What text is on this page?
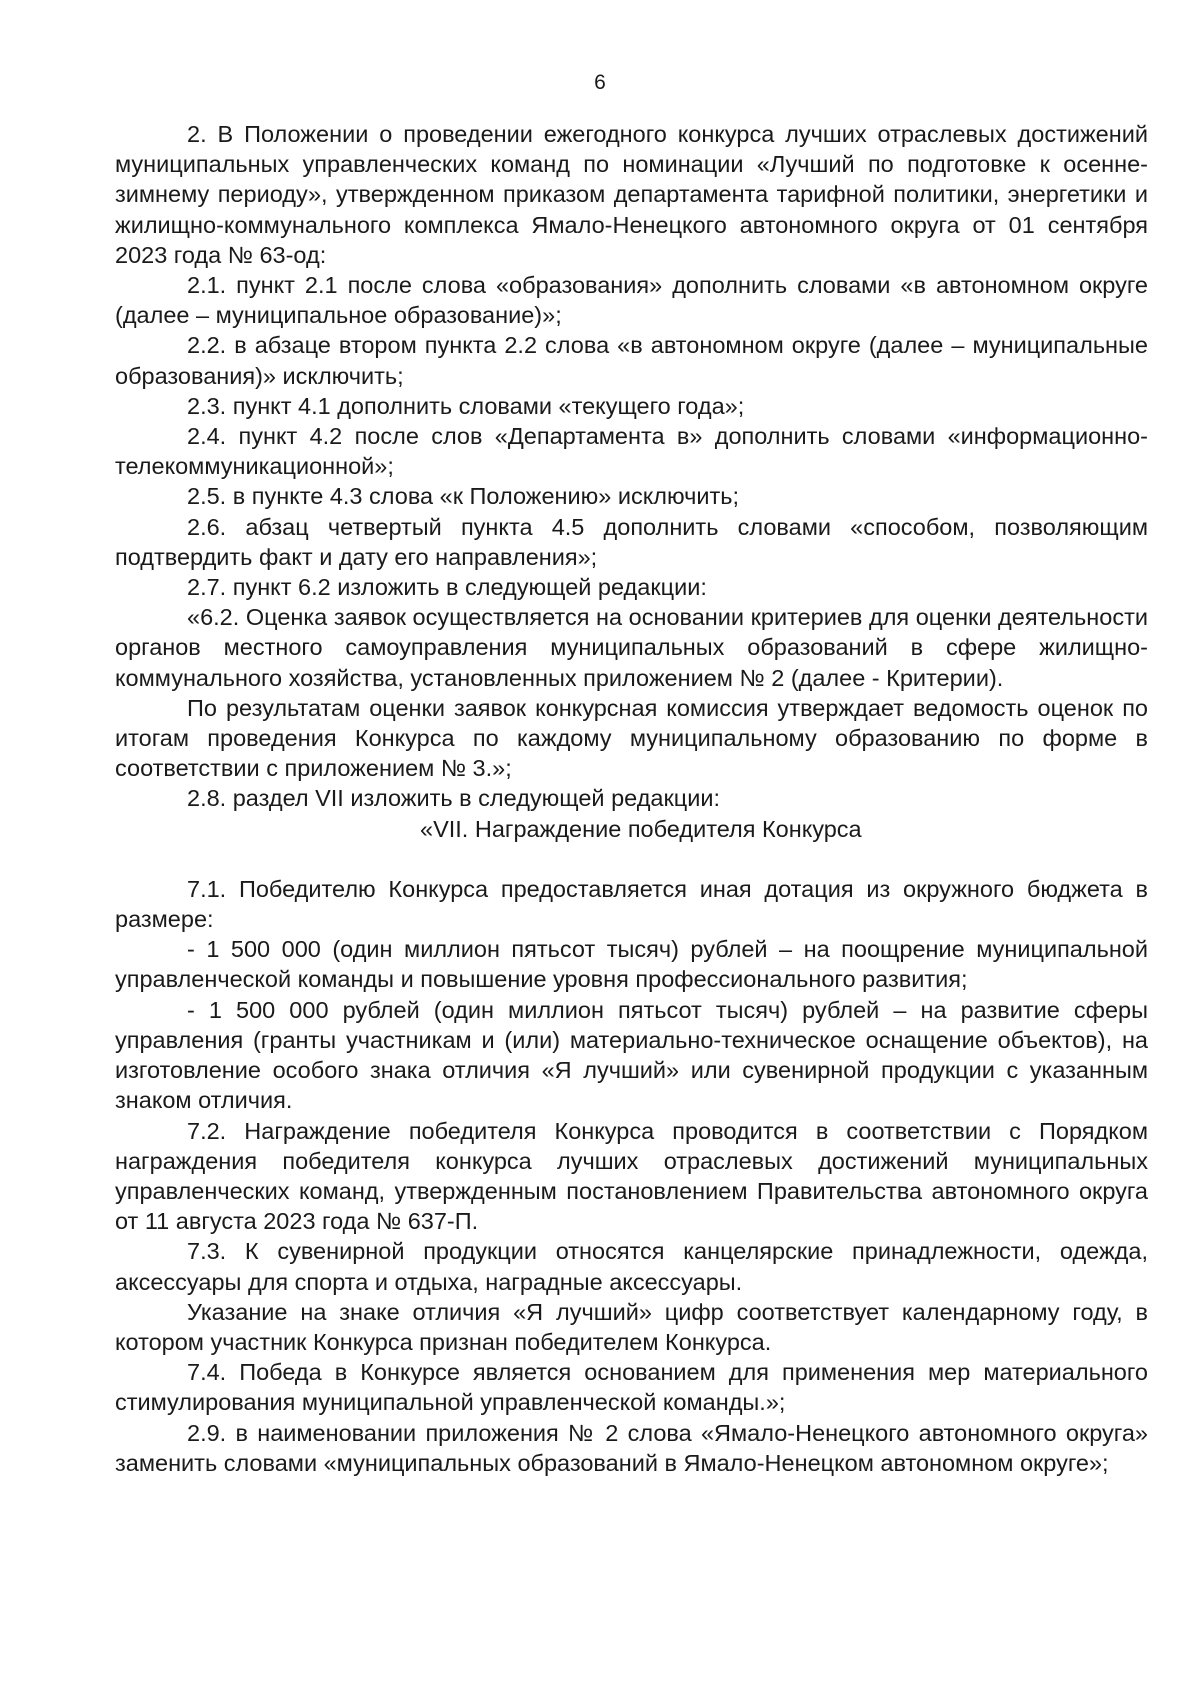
6

2. В Положении о проведении ежегодного конкурса лучших отраслевых достижений муниципальных управленческих команд по номинации «Лучший по подготовке к осенне-зимнему периоду», утвержденном приказом департамента тарифной политики, энергетики и жилищно-коммунального комплекса Ямало-Ненецкого автономного округа от 01 сентября 2023 года № 63-од:

2.1. пункт 2.1 после слова «образования» дополнить словами «в автономном округе (далее – муниципальное образование)»;

2.2. в абзаце втором пункта 2.2 слова «в автономном округе (далее – муниципальные образования)» исключить;

2.3. пункт 4.1 дополнить словами «текущего года»;

2.4. пункт 4.2 после слов «Департамента в» дополнить словами «информационно-телекоммуникационной»;

2.5. в пункте 4.3 слова «к Положению» исключить;

2.6. абзац четвертый пункта 4.5 дополнить словами «способом, позволяющим подтвердить факт и дату его направления»;

2.7. пункт 6.2 изложить в следующей редакции:

«6.2. Оценка заявок осуществляется на основании критериев для оценки деятельности органов местного самоуправления муниципальных образований в сфере жилищно-коммунального хозяйства, установленных приложением № 2 (далее - Критерии).

По результатам оценки заявок конкурсная комиссия утверждает ведомость оценок по итогам проведения Конкурса по каждому муниципальному образованию по форме в соответствии с приложением № 3.»;

2.8. раздел VII изложить в следующей редакции:

«VII. Награждение победителя Конкурса

7.1. Победителю Конкурса предоставляется иная дотация из окружного бюджета в размере:

- 1 500 000 (один миллион пятьсот тысяч) рублей – на поощрение муниципальной управленческой команды и повышение уровня профессионального развития;

- 1 500 000 рублей (один миллион пятьсот тысяч) рублей – на развитие сферы управления (гранты участникам и (или) материально-техническое оснащение объектов), на изготовление особого знака отличия «Я лучший» или сувенирной продукции с указанным знаком отличия.

7.2. Награждение победителя Конкурса проводится в соответствии с Порядком награждения победителя конкурса лучших отраслевых достижений муниципальных управленческих команд, утвержденным постановлением Правительства автономного округа от 11 августа 2023 года № 637-П.

7.3. К сувенирной продукции относятся канцелярские принадлежности, одежда, аксессуары для спорта и отдыха, наградные аксессуары.

Указание на знаке отличия «Я лучший» цифр соответствует календарному году, в котором участник Конкурса признан победителем Конкурса.

7.4. Победа в Конкурсе является основанием для применения мер материального стимулирования муниципальной управленческой команды.»;

2.9. в наименовании приложения № 2 слова «Ямало-Ненецкого автономного округа» заменить словами «муниципальных образований в Ямало-Ненецком автономном округе»;
